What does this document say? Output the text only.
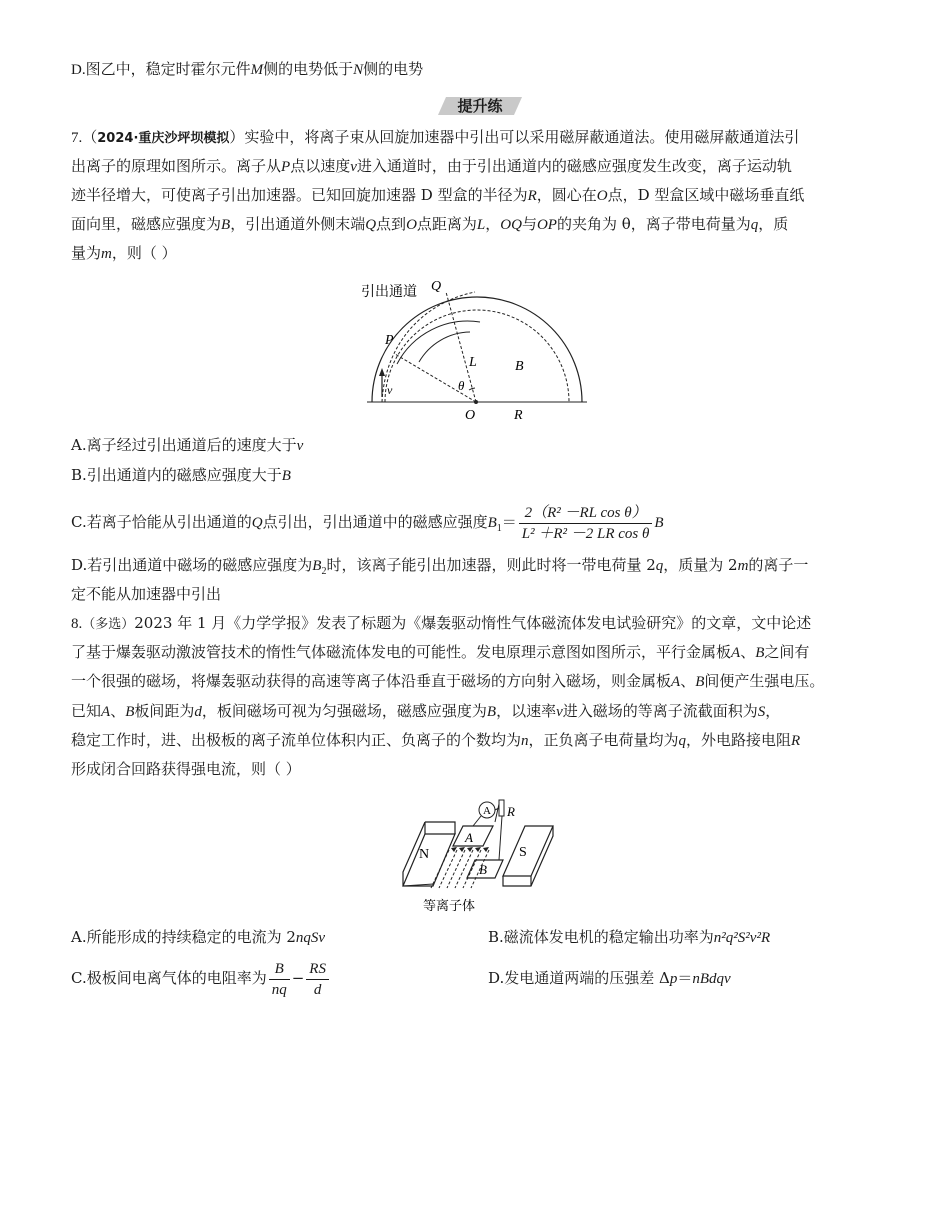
D.图乙中，稳定时霍尔元件M侧的电势低于N侧的电势
提升练
7.（2024·重庆沙坪坝模拟）实验中，将离子束从回旋加速器中引出可以采用磁屏蔽通道法。使用磁屏蔽通道法引
出离子的原理如图所示。离子从P点以速度v进入通道时，由于引出通道内的磁感应强度发生改变，离子运动轨
迹半径增大，可使离子引出加速器。已知回旋加速器 D 型盒的半径为R，圆心在O点，D 型盒区域中磁场垂直纸
面向里，磁感应强度为B，引出通道外侧末端Q点到O点距离为L，OQ与OP的夹角为 θ，离子带电荷量为q，质
量为m，则（ ）
引出通道 Q
P
L	B
θ
v
O	R
A.离子经过引出通道后的速度大于v
B.引出通道内的磁感应强度大于B
C.若离子恰能从引出通道的Q点引出，引出通道中的磁感应强度$B_1= \frac{\text{2（R² －RL cos θ）}}{\text{L² ＋R² －2 LR cos θ}}$ B
D.若引出通道中磁场的磁感应强度为$B_2$时，该离子能引出加速器，则此时将一带电荷量 2q，质量为 2m的离子一
定不能从加速器中引出
8.（多选）2023 年 1 月《力学学报》发表了标题为《爆轰驱动惰性气体磁流体发电试验研究》的文章，文中论述
了基于爆轰驱动激波管技术的惰性气体磁流体发电的可能性。发电原理示意图如图所示，平行金属板A、B之间有
一个很强的磁场，将爆轰驱动获得的高速等离子体沿垂直于磁场的方向射入磁场，则金属板A、B间便产生强电压。
已知A、B板间距为d，板间磁场可视为匀强磁场，磁感应强度为B，以速率v进入磁场的等离子流截面积为S，
稳定工作时，进、出极板的离子流单位体积内正、负离子的个数均为n，正负离子电荷量均为q，外电路接电阻R
形成闭合回路获得强电流，则（ ）
A R
A
B
N	S
等离子体
A.所能形成的持续稳定的电流为 2nqSv	B.磁流体发电机的稳定输出功率为n²q²S²v²R
C.极板间电离气体的电阻率为 $\frac{B}{nq} - \frac{RS}{d}$	D.发电通道两端的压强差 Δp＝nBdqv
